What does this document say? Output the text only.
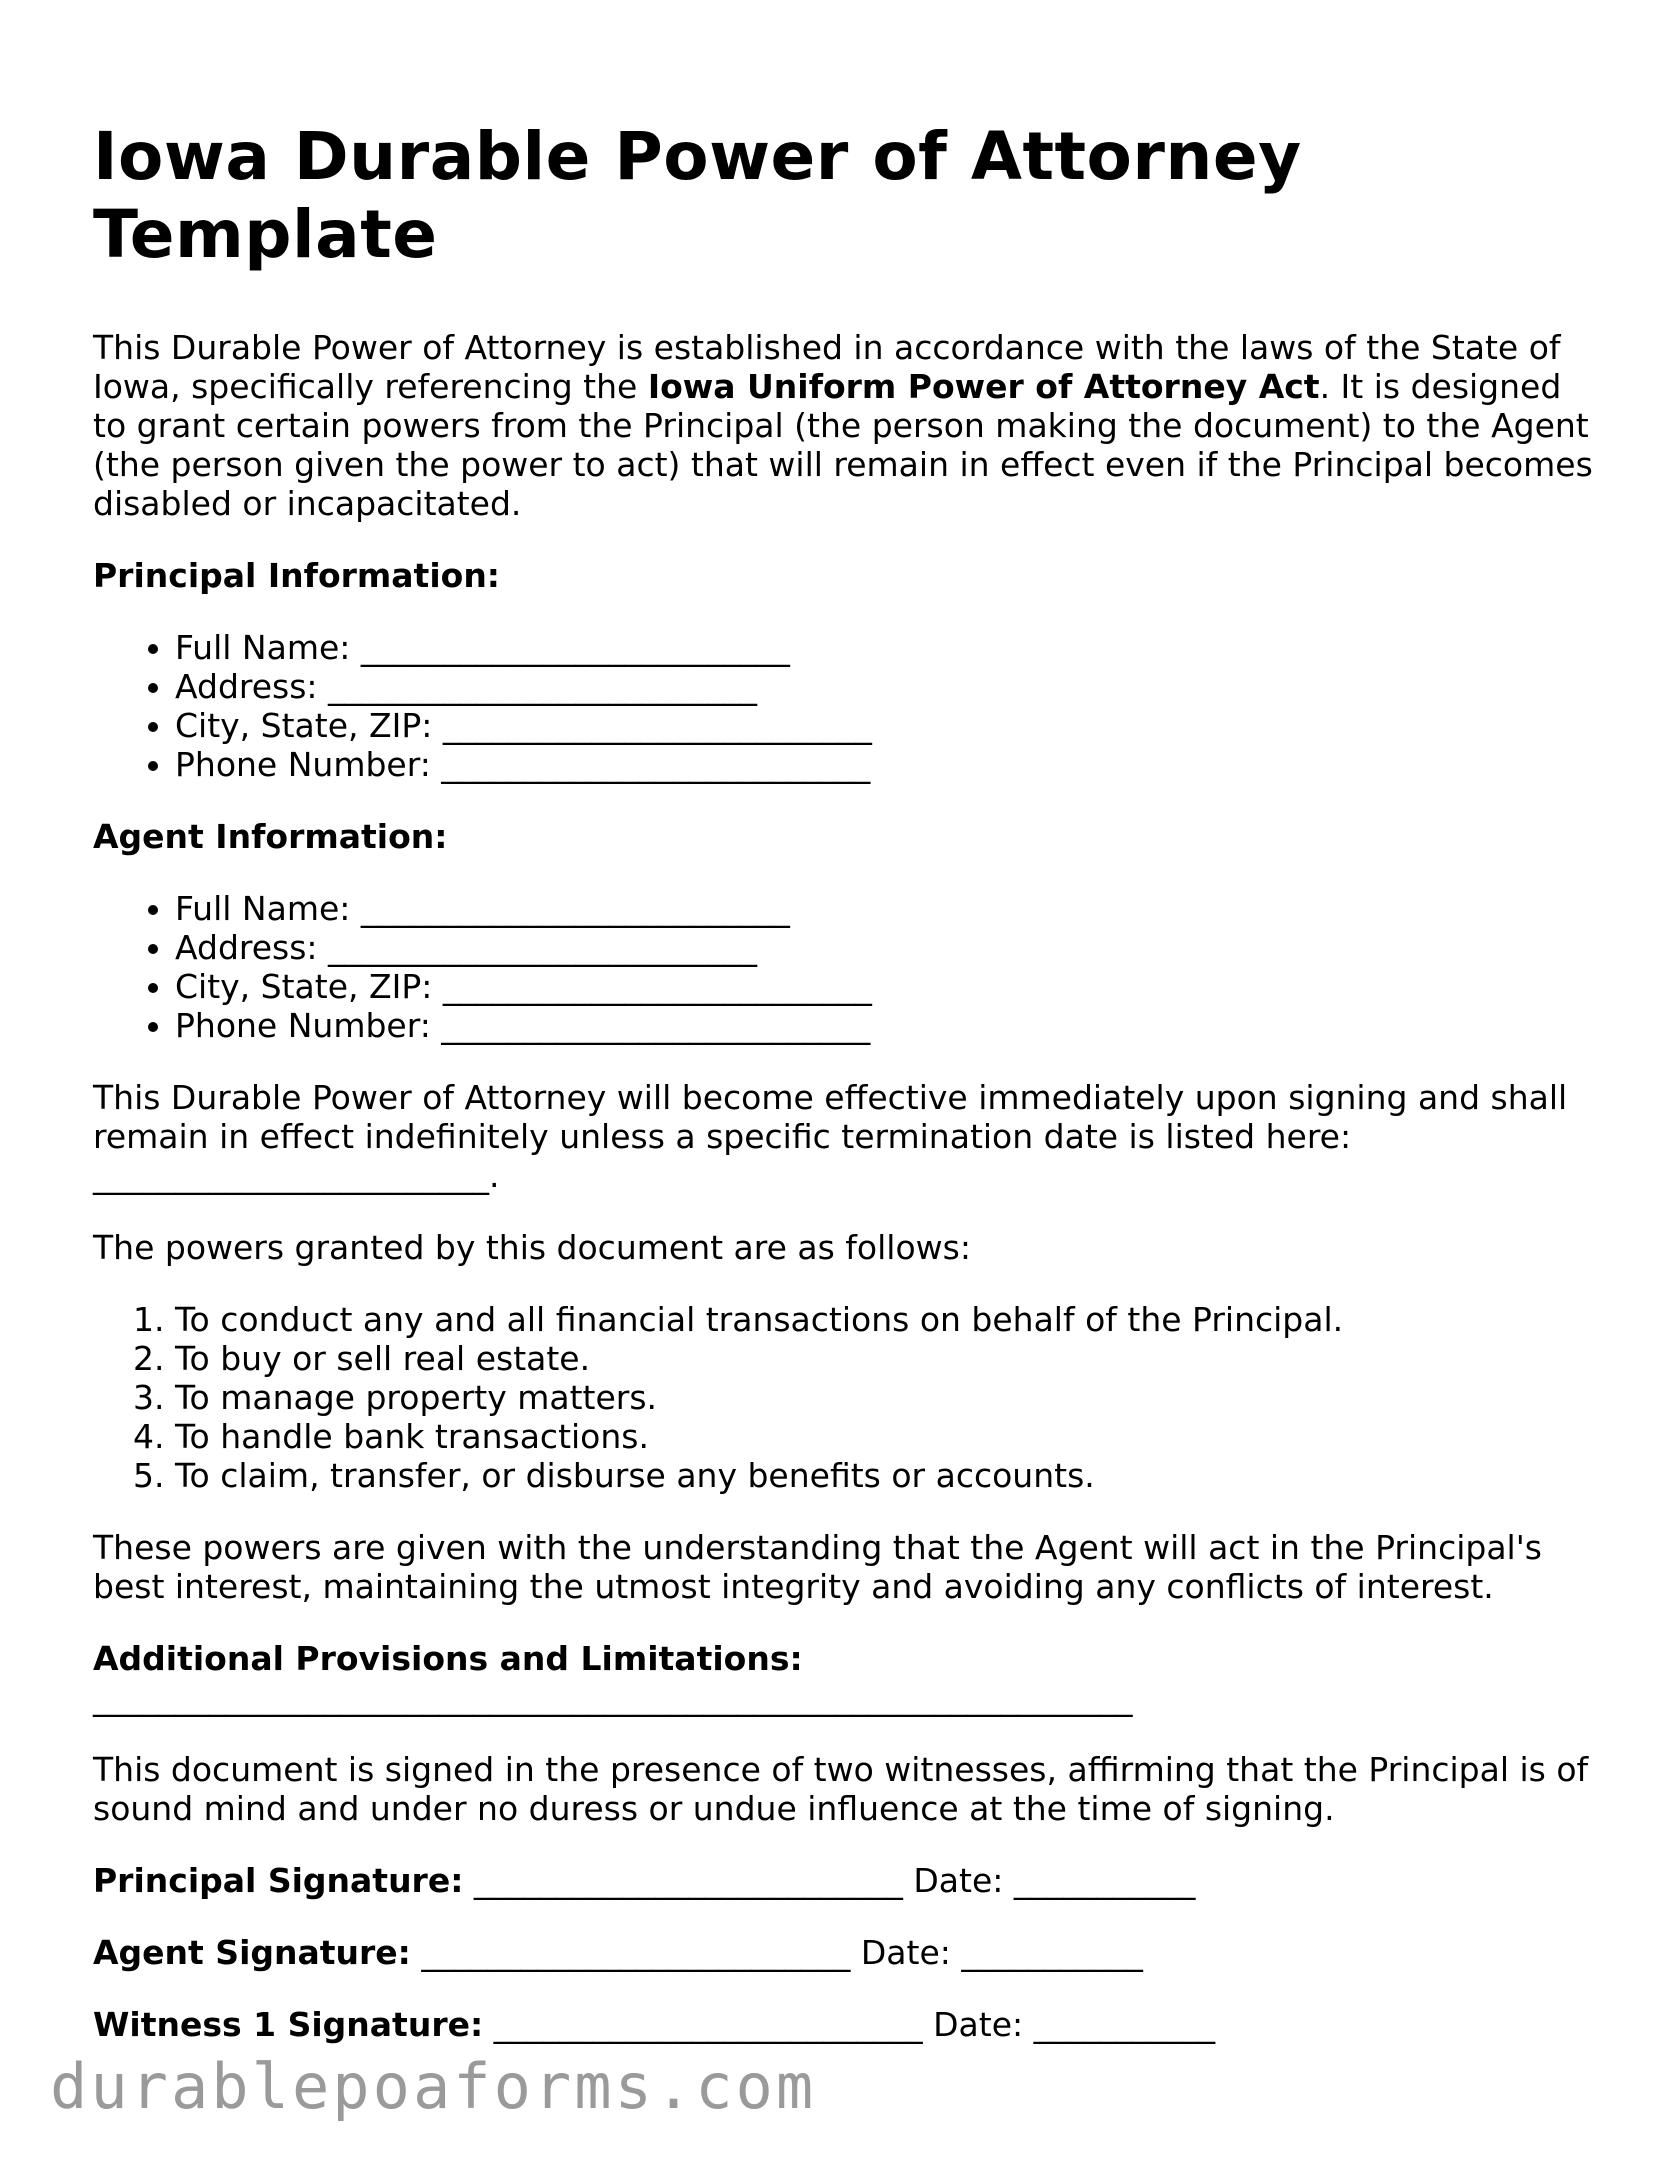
Iowa Durable Power of Attorney Template

This Durable Power of Attorney is established in accordance with the laws of the State of Iowa, specifically referencing the Iowa Uniform Power of Attorney Act. It is designed to grant certain powers from the Principal (the person making the document) to the Agent (the person given the power to act) that will remain in effect even if the Principal becomes disabled or incapacitated.

Principal Information:
• Full Name: __________________________
• Address: __________________________
• City, State, ZIP: __________________________
• Phone Number: __________________________
Agent Information:
• Full Name: __________________________
• Address: __________________________
• City, State, ZIP: __________________________
• Phone Number: __________________________

This Durable Power of Attorney will become effective immediately upon signing and shall remain in effect indefinitely unless a specific termination date is listed here: ________________________.

The powers granted by this document are as follows:

1. To conduct any and all financial transactions on behalf of the Principal.
2. To buy or sell real estate.
3. To manage property matters.
4. To handle bank transactions.
5. To claim, transfer, or disburse any benefits or accounts.

These powers are given with the understanding that the Agent will act in the Principal's best interest, maintaining the utmost integrity and avoiding any conflicts of interest.

Additional Provisions and Limitations:
_______________________________________________________________

This document is signed in the presence of two witnesses, affirming that the Principal is of sound mind and under no duress or undue influence at the time of signing.

Principal Signature: __________________________ Date: ___________
Agent Signature: __________________________ Date: ___________
Witness 1 Signature: __________________________ Date: ___________
durablepoaforms.com
